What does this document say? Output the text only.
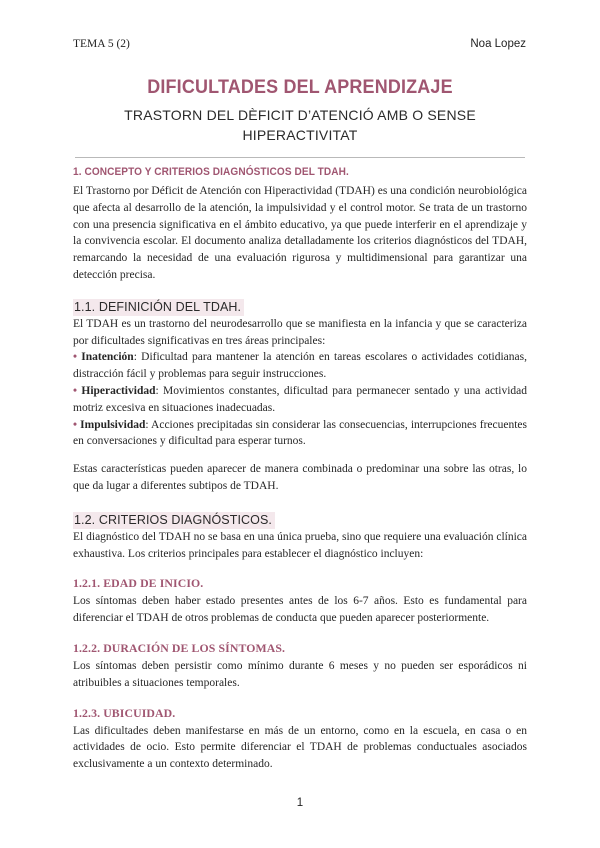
TEMA 5 (2)	Noa Lopez
DIFICULTADES DEL APRENDIZAJE
TRASTORN DEL DÈFICIT D’ATENCIÓ AMB O SENSE HIPERACTIVITAT
1. CONCEPTO Y CRITERIOS DIAGNÓSTICOS DEL TDAH.

El Trastorno por Déficit de Atención con Hiperactividad (TDAH) es una condición neurobiológica que afecta al desarrollo de la atención, la impulsividad y el control motor. Se trata de un trastorno con una presencia significativa en el ámbito educativo, ya que puede interferir en el aprendizaje y la convivencia escolar. El documento analiza detalladamente los criterios diagnósticos del TDAH, remarcando la necesidad de una evaluación rigurosa y multidimensional para garantizar una detección precisa.

1.1. DEFINICIÓN DEL TDAH.

El TDAH es un trastorno del neurodesarrollo que se manifiesta en la infancia y que se caracteriza por dificultades significativas en tres áreas principales:

• Inatención: Dificultad para mantener la atención en tareas escolares o actividades cotidianas, distracción fácil y problemas para seguir instrucciones.
• Hiperactividad: Movimientos constantes, dificultad para permanecer sentado y una actividad motriz excesiva en situaciones inadecuadas.
• Impulsividad: Acciones precipitadas sin considerar las consecuencias, interrupciones frecuentes en conversaciones y dificultad para esperar turnos.

Estas características pueden aparecer de manera combinada o predominar una sobre las otras, lo que da lugar a diferentes subtipos de TDAH.

1.2. CRITERIOS DIAGNÓSTICOS.

El diagnóstico del TDAH no se basa en una única prueba, sino que requiere una evaluación clínica exhaustiva. Los criterios principales para establecer el diagnóstico incluyen:

1.2.1. EDAD DE INICIO.

Los síntomas deben haber estado presentes antes de los 6-7 años. Esto es fundamental para diferenciar el TDAH de otros problemas de conducta que pueden aparecer posteriormente.

1.2.2. DURACIÓN DE LOS SÍNTOMAS.

Los síntomas deben persistir como mínimo durante 6 meses y no pueden ser esporádicos ni atribuibles a situaciones temporales.

1.2.3. UBICUIDAD.

Las dificultades deben manifestarse en más de un entorno, como en la escuela, en casa o en actividades de ocio. Esto permite diferenciar el TDAH de problemas conductuales asociados exclusivamente a un contexto determinado.

1
